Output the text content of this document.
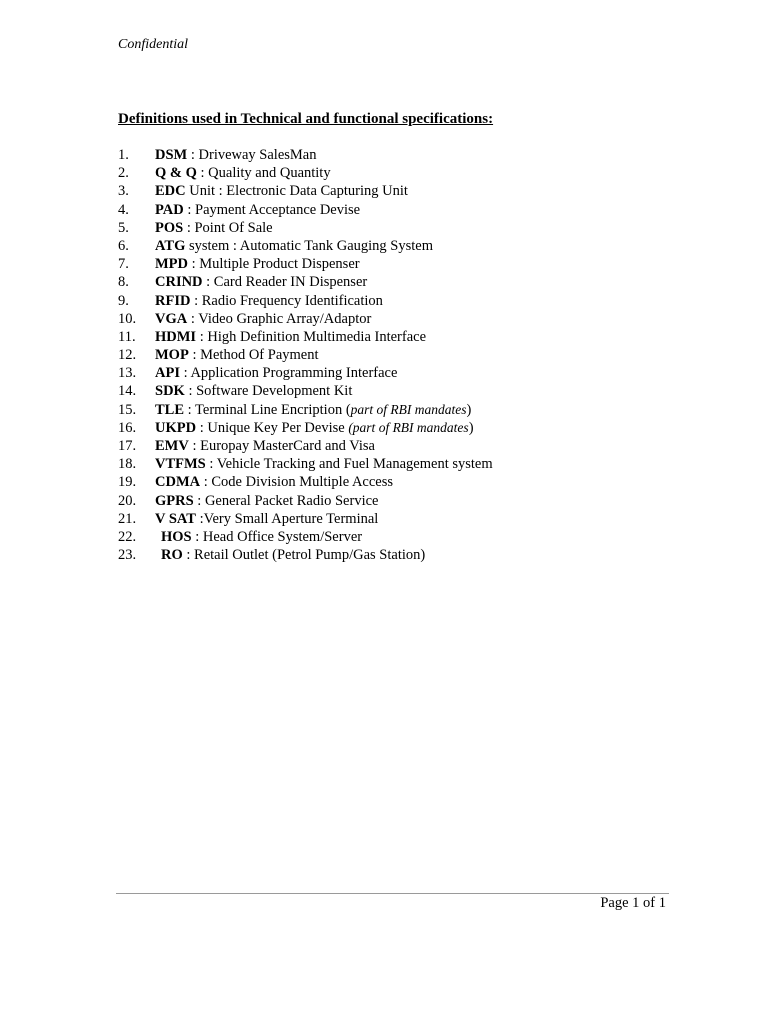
Confidential
Definitions used in Technical and functional specifications:
1.	DSM : Driveway SalesMan
2.	Q & Q : Quality and Quantity
3.	EDC Unit : Electronic Data Capturing Unit
4.	PAD : Payment Acceptance Devise
5.	POS : Point Of Sale
6.	ATG system : Automatic Tank Gauging System
7.	MPD : Multiple Product Dispenser
8.	CRIND : Card Reader IN Dispenser
9.	RFID : Radio Frequency Identification
10.	VGA : Video Graphic Array/Adaptor
11.	HDMI : High Definition Multimedia Interface
12.	MOP : Method Of Payment
13.	API : Application Programming Interface
14.	SDK : Software Development Kit
15.	TLE : Terminal Line Encription (part of RBI mandates)
16.	UKPD : Unique Key Per Devise (part of RBI mandates)
17.	EMV : Europay MasterCard and Visa
18.	VTFMS : Vehicle Tracking and Fuel Management system
19.	CDMA : Code Division Multiple Access
20.	GPRS : General Packet Radio Service
21.	V SAT :Very Small Aperture Terminal
22.	HOS : Head Office System/Server
23.	RO : Retail Outlet (Petrol Pump/Gas Station)
Page 1 of 1
